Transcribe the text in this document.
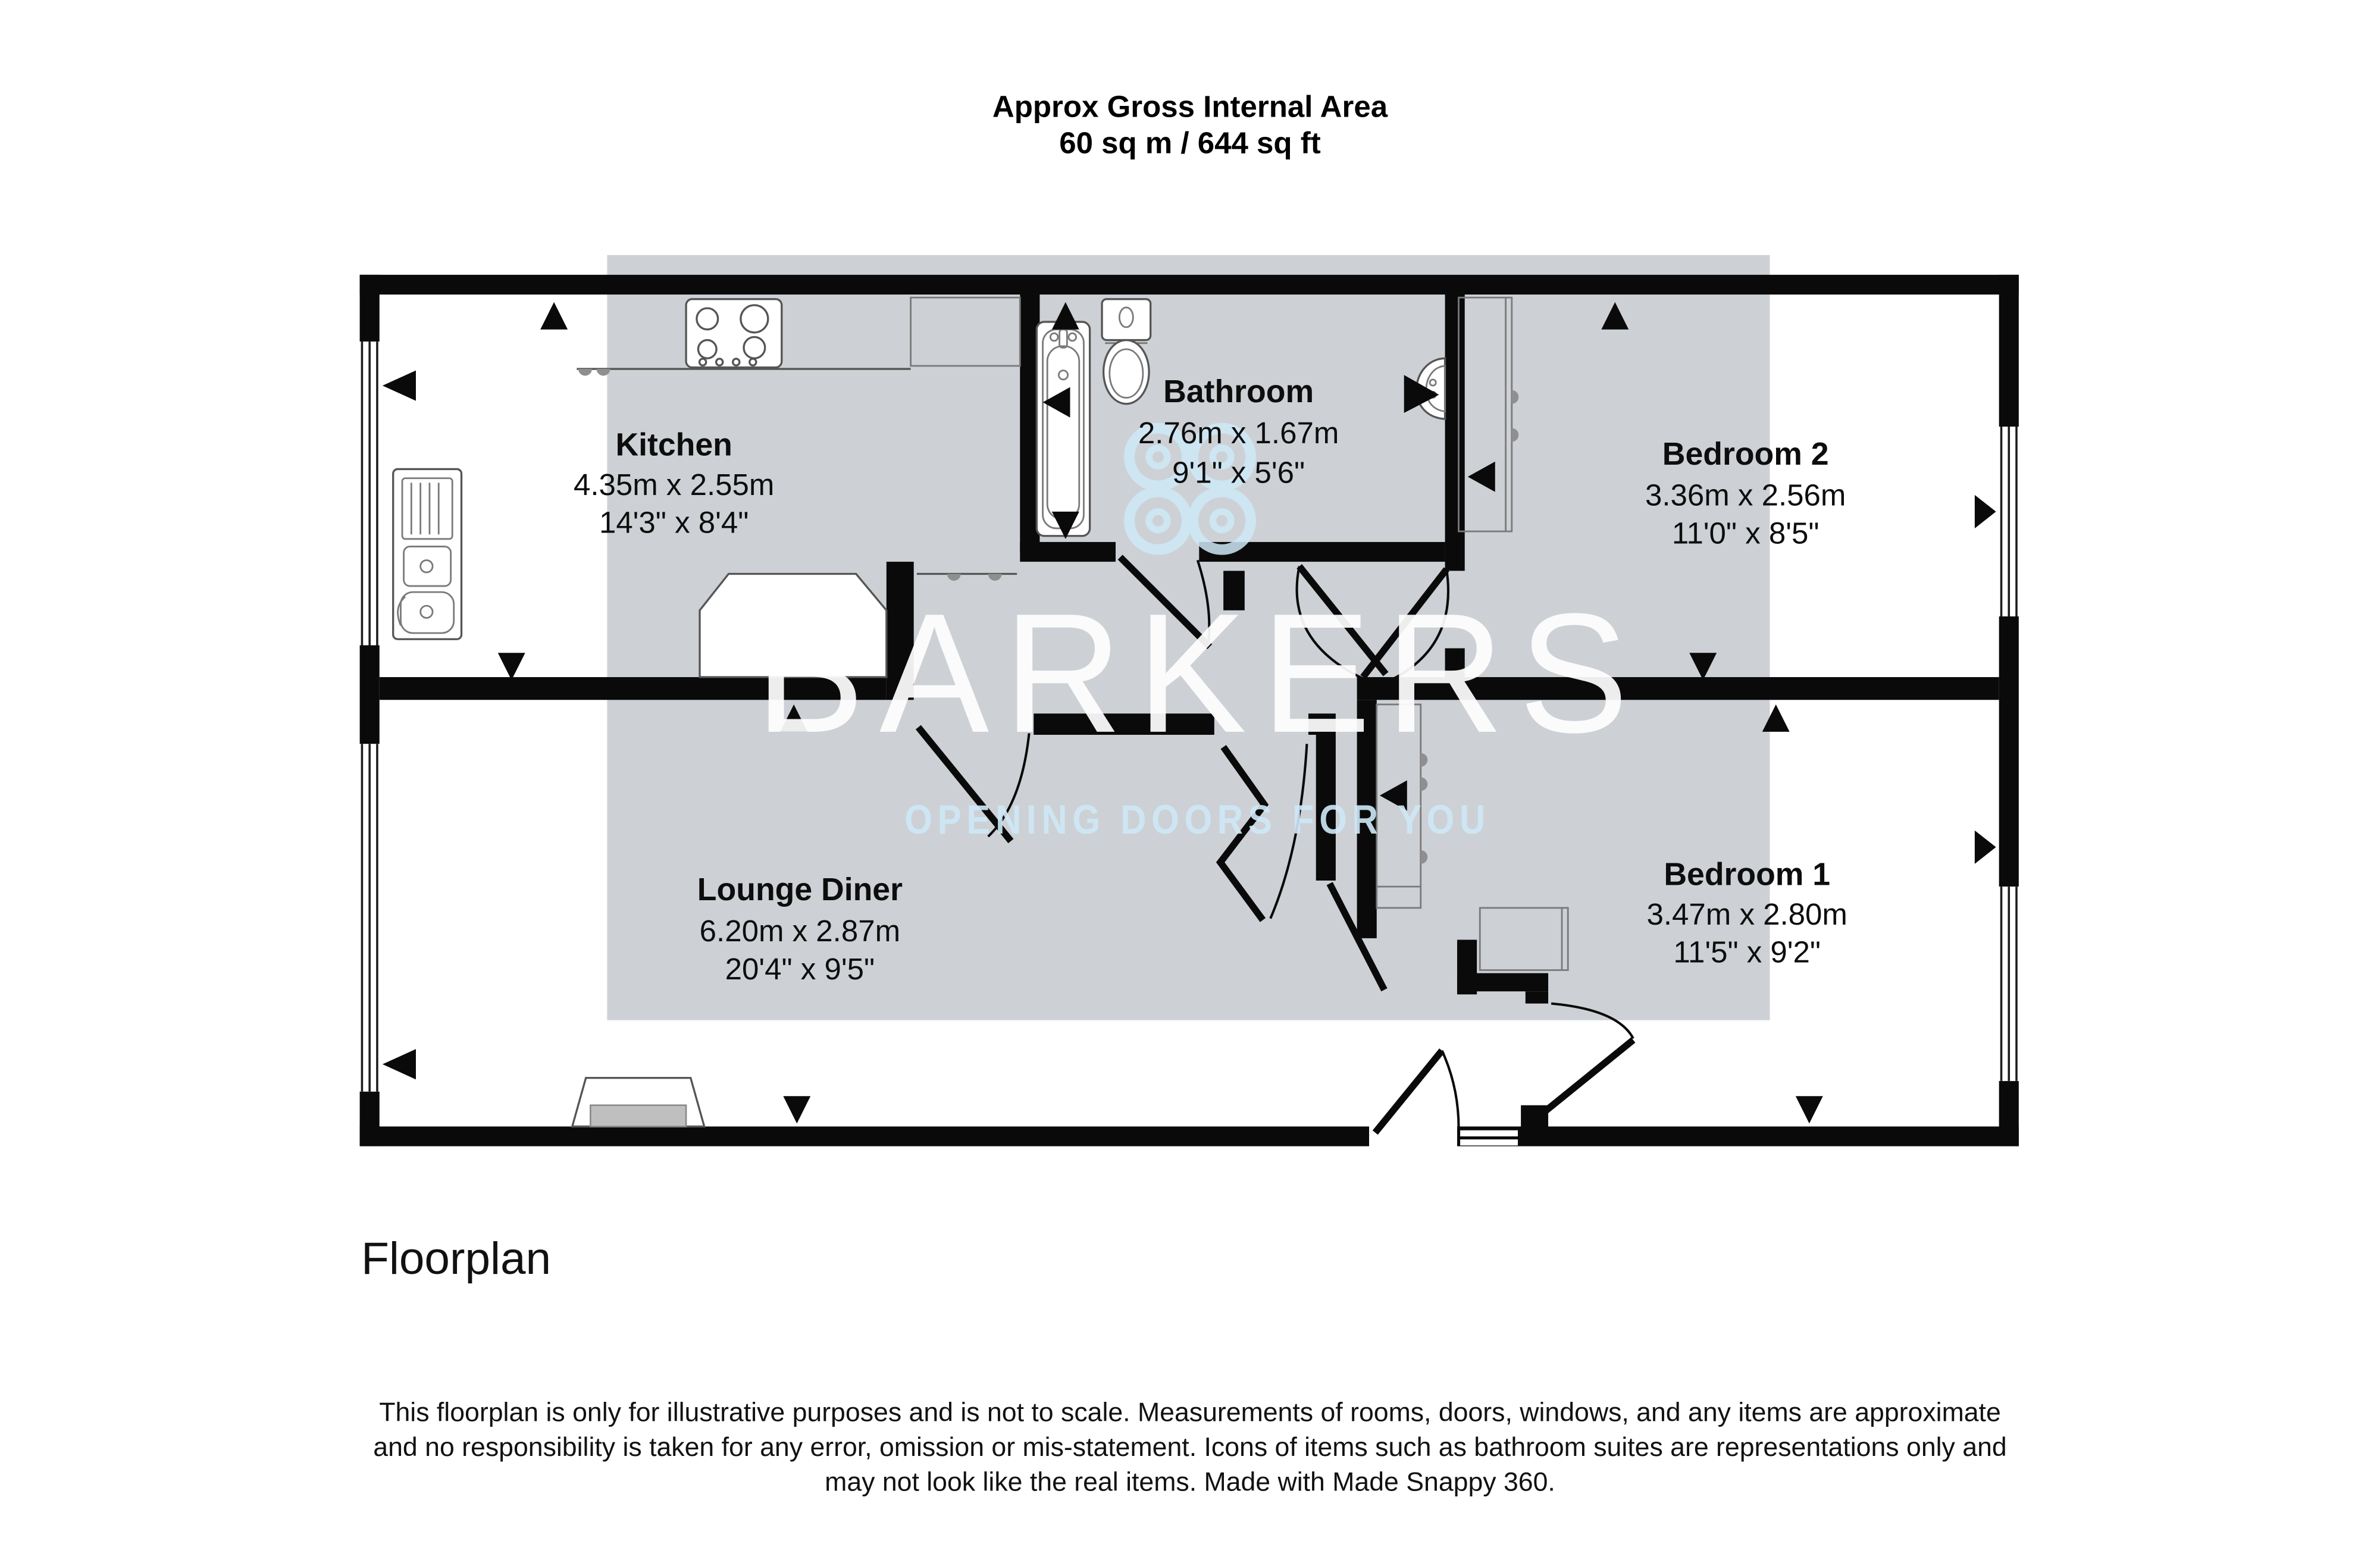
Approx Gross Internal Area
60 sq m / 644 sq ft
BARKERS
OPENING DOORS FOR YOU
Kitchen
4.35m x 2.55m
14'3" x 8'4"
Bathroom
2.76m x 1.67m
9'1" x 5'6"
Bedroom 2
3.36m x 2.56m
11'0" x 8'5"
Lounge Diner
6.20m x 2.87m
20'4" x 9'5"
Bedroom 1
3.47m x 2.80m
11'5" x 9'2"
Floorplan
This floorplan is only for illustrative purposes and is not to scale. Measurements of rooms, doors, windows, and any items are approximate
and no responsibility is taken for any error, omission or mis-statement. Icons of items such as bathroom suites are representations only and
may not look like the real items. Made with Made Snappy 360.
